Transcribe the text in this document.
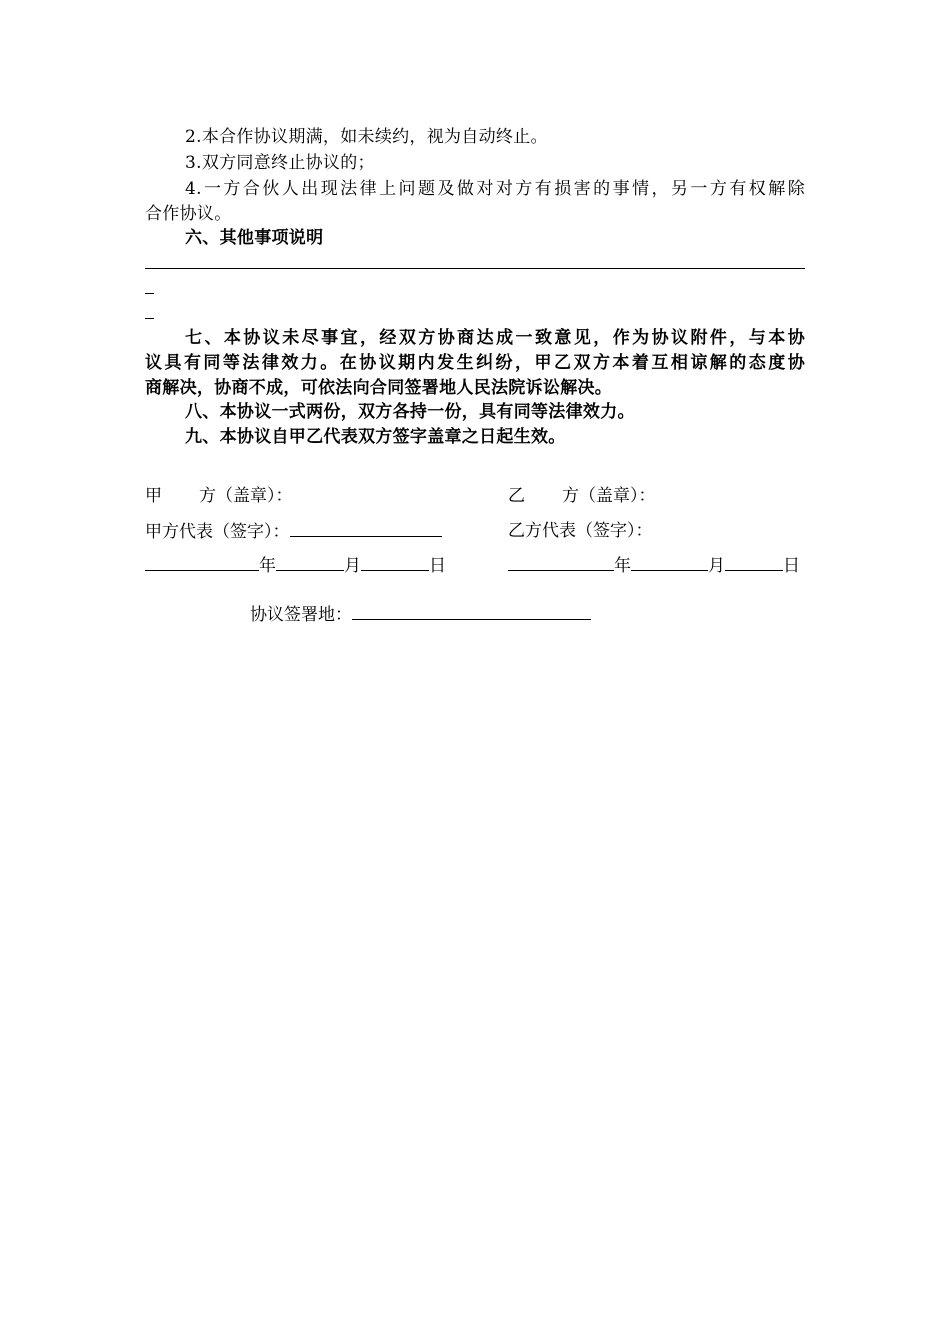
2.本合作协议期满，如未续约，视为自动终止。
3.双方同意终止协议的；
4.一方合伙人出现法律上问题及做对对方有损害的事情，另一方有权解除
合作协议。
六、其他事项说明
七、本协议未尽事宜，经双方协商达成一致意见，作为协议附件，与本协
议具有同等法律效力。在协议期内发生纠纷，甲乙双方本着互相谅解的态度协
商解决，协商不成，可依法向合同签署地人民法院诉讼解决。
八、本协议一式两份，双方各持一份，具有同等法律效力。
九、本协议自甲乙代表双方签字盖章之日起生效。
甲 方（盖章）：	乙 方（盖章）：
甲方代表（签字）：	乙方代表（签字）：
年	月	日	年	月	日
协议签署地：
